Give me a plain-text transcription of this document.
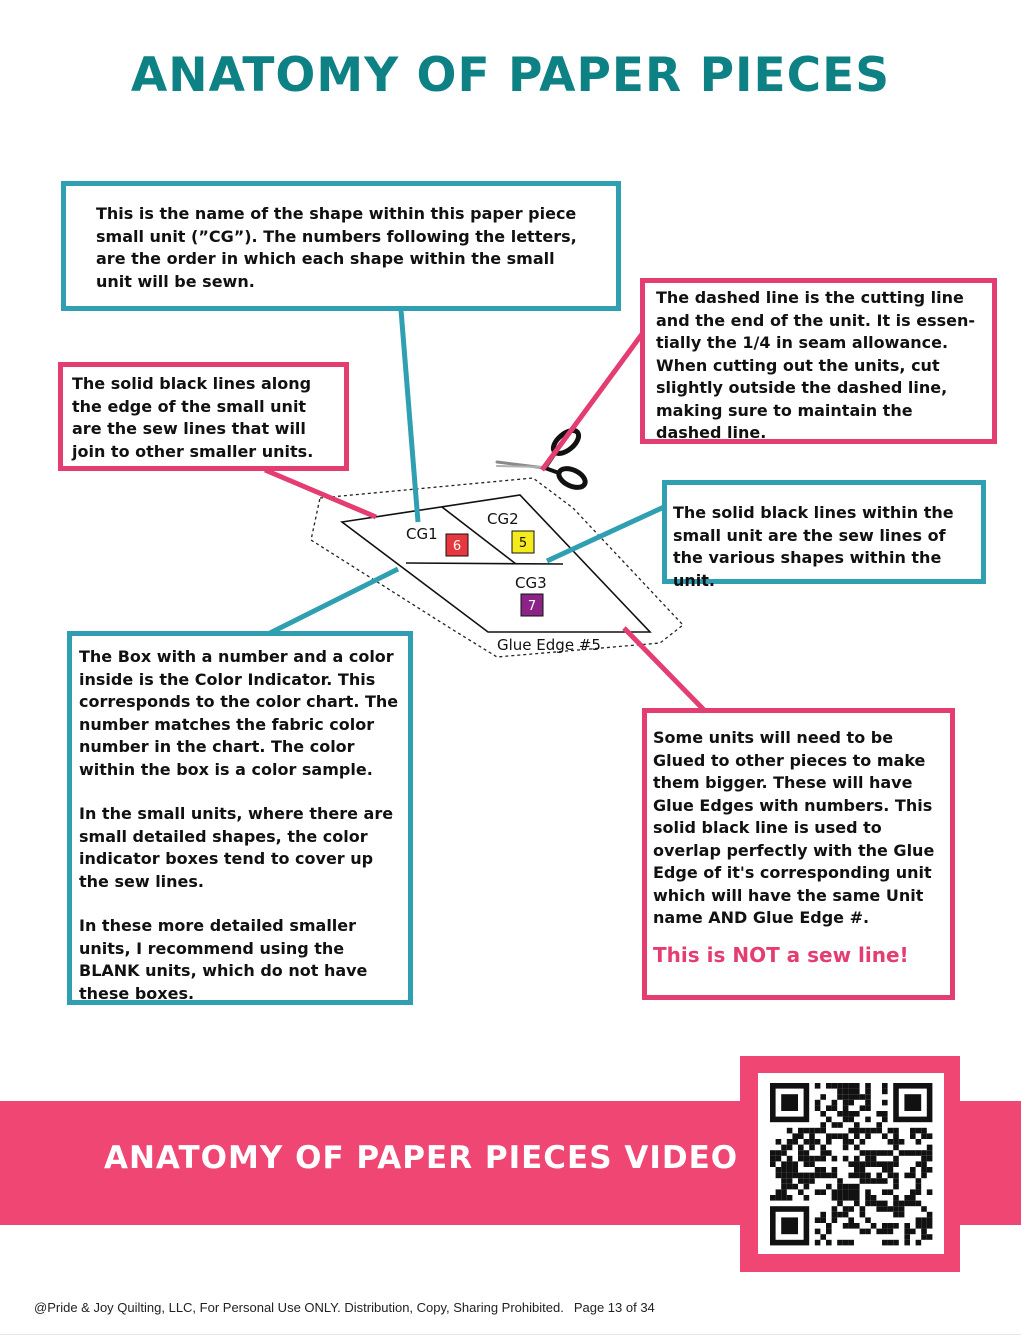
ANATOMY OF PAPER PIECES
CG1
CG2
CG3
6	5
7
Glue Edge #5

This is the name of the shape within this paper piece small unit (”CG”). The numbers following the letters, are the order in which each shape within the small unit will be sewn.

The dashed line is the cutting line and the end of the unit. It is essen-tially the 1/4 in seam allowance. When cutting out the units, cut slightly outside the dashed line, making sure to maintain the dashed line.

The solid black lines along the edge of the small unit are the sew lines that will join to other smaller units.

The solid black lines within the small unit are the sew lines of the various shapes within the unit.

The Box with a number and a color inside is the Color Indicator. This corresponds to the color chart. The number matches the fabric color number in the chart. The color within the box is a color sample.

In the small units, where there are small detailed shapes, the color indicator boxes tend to cover up the sew lines.

In these more detailed smaller units, I recommend using the BLANK units, which do not have these boxes.

Some units will need to be Glued to other pieces to make them bigger. These will have Glue Edges with numbers. This solid black line is used to overlap perfectly with the Glue Edge of it's corresponding unit which will have the same Unit name AND Glue Edge #.

This is NOT a sew line!

ANATOMY OF PAPER PIECES VIDEO
@Pride & Joy Quilting, LLC, For Personal Use ONLY. Distribution, Copy, Sharing Prohibited. Page 13 of 34
